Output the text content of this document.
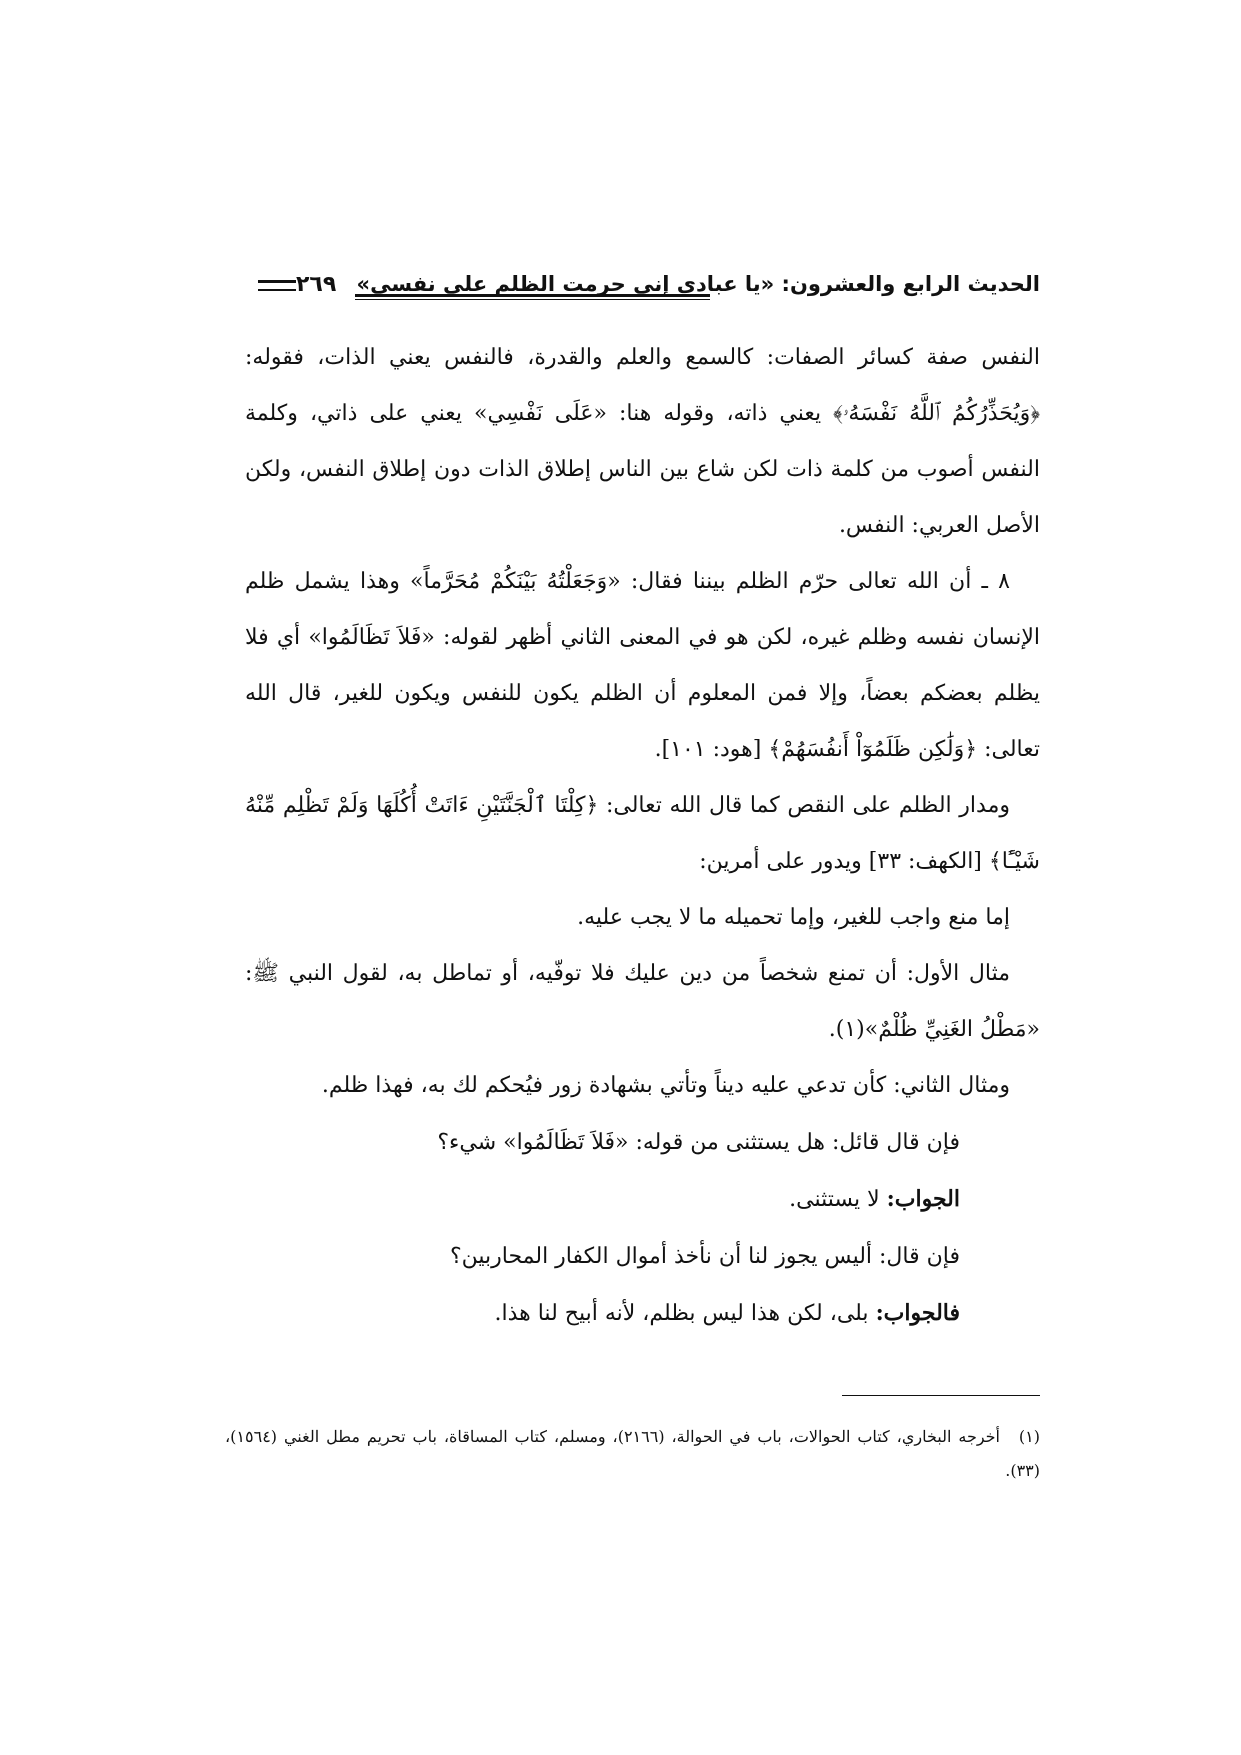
الحديث الرابع والعشرون: «يا عبادي إني حرمت الظلم على نفسي»
٢٦٩

النفس صفة كسائر الصفات: كالسمع والعلم والقدرة، فالنفس يعني الذات، فقوله: ﴿وَيُحَذِّرُكُمُ ٱللَّهُ نَفْسَهُۥ﴾ يعني ذاته، وقوله هنا: «عَلَى نَفْسِي» يعني على ذاتي، وكلمة النفس أصوب من كلمة ذات لكن شاع بين الناس إطلاق الذات دون إطلاق النفس، ولكن الأصل العربي: النفس.

٨ ـ أن الله تعالى حرّم الظلم بيننا فقال: «وَجَعَلْتُهُ بَيْنَكُمْ مُحَرَّماً» وهذا يشمل ظلم الإنسان نفسه وظلم غيره، لكن هو في المعنى الثاني أظهر لقوله: «فَلاَ تَظَالَمُوا» أي فلا يظلم بعضكم بعضاً، وإلا فمن المعلوم أن الظلم يكون للنفس ويكون للغير، قال الله تعالى: ﴿وَلَٰكِن ظَلَمُوٓاْ أَنفُسَهُمْ﴾ [هود: ١٠١].

ومدار الظلم على النقص كما قال الله تعالى: ﴿كِلْتَا ٱلْجَنَّتَيْنِ ءَاتَتْ أُكُلَهَا وَلَمْ تَظْلِم مِّنْهُ شَيْـًٔا﴾ [الكهف: ٣٣] ويدور على أمرين:

إما منع واجب للغير، وإما تحميله ما لا يجب عليه.

مثال الأول: أن تمنع شخصاً من دين عليك فلا توفّيه، أو تماطل به، لقول النبي ﷺ: «مَطْلُ الغَنِيِّ ظُلْمٌ»(١).

ومثال الثاني: كأن تدعي عليه ديناً وتأتي بشهادة زور فيُحكم لك به، فهذا ظلم.

فإن قال قائل: هل يستثنى من قوله: «فَلاَ تَظَالَمُوا» شيء؟

الجواب: لا يستثنى.

فإن قال: أليس يجوز لنا أن نأخذ أموال الكفار المحاربين؟

فالجواب: بلى، لكن هذا ليس بظلم، لأنه أبيح لنا هذا.

(١)أخرجه البخاري، كتاب الحوالات، باب في الحوالة، (٢١٦٦)، ومسلم، كتاب المساقاة، باب تحريم مطل الغني (١٥٦٤)، (٣٣).
